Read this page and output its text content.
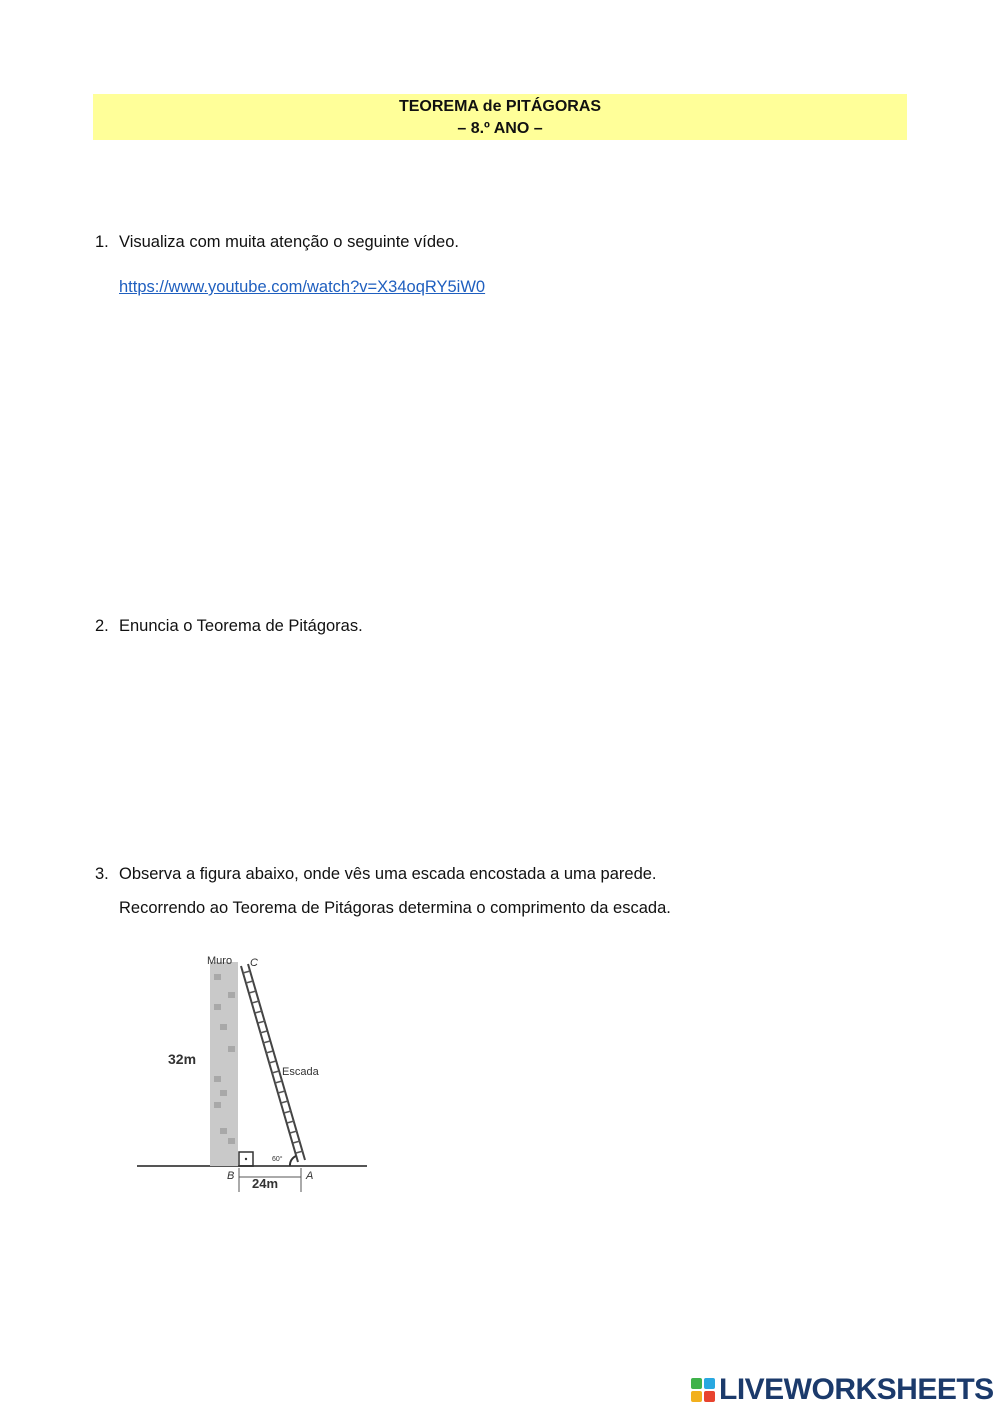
TEOREMA de PITÁGORAS
– 8.º ANO –
1. Visualiza com muita atenção o seguinte vídeo.
https://www.youtube.com/watch?v=X34oqRY5iW0
2. Enuncia o Teorema de Pitágoras.
3. Observa a figura abaixo, onde vês uma escada encostada a uma parede.
Recorrendo ao Teorema de Pitágoras determina o comprimento da escada.
Muro C
32m
Escada
60°
B	A
24m
LIVEWORKSHEETS
